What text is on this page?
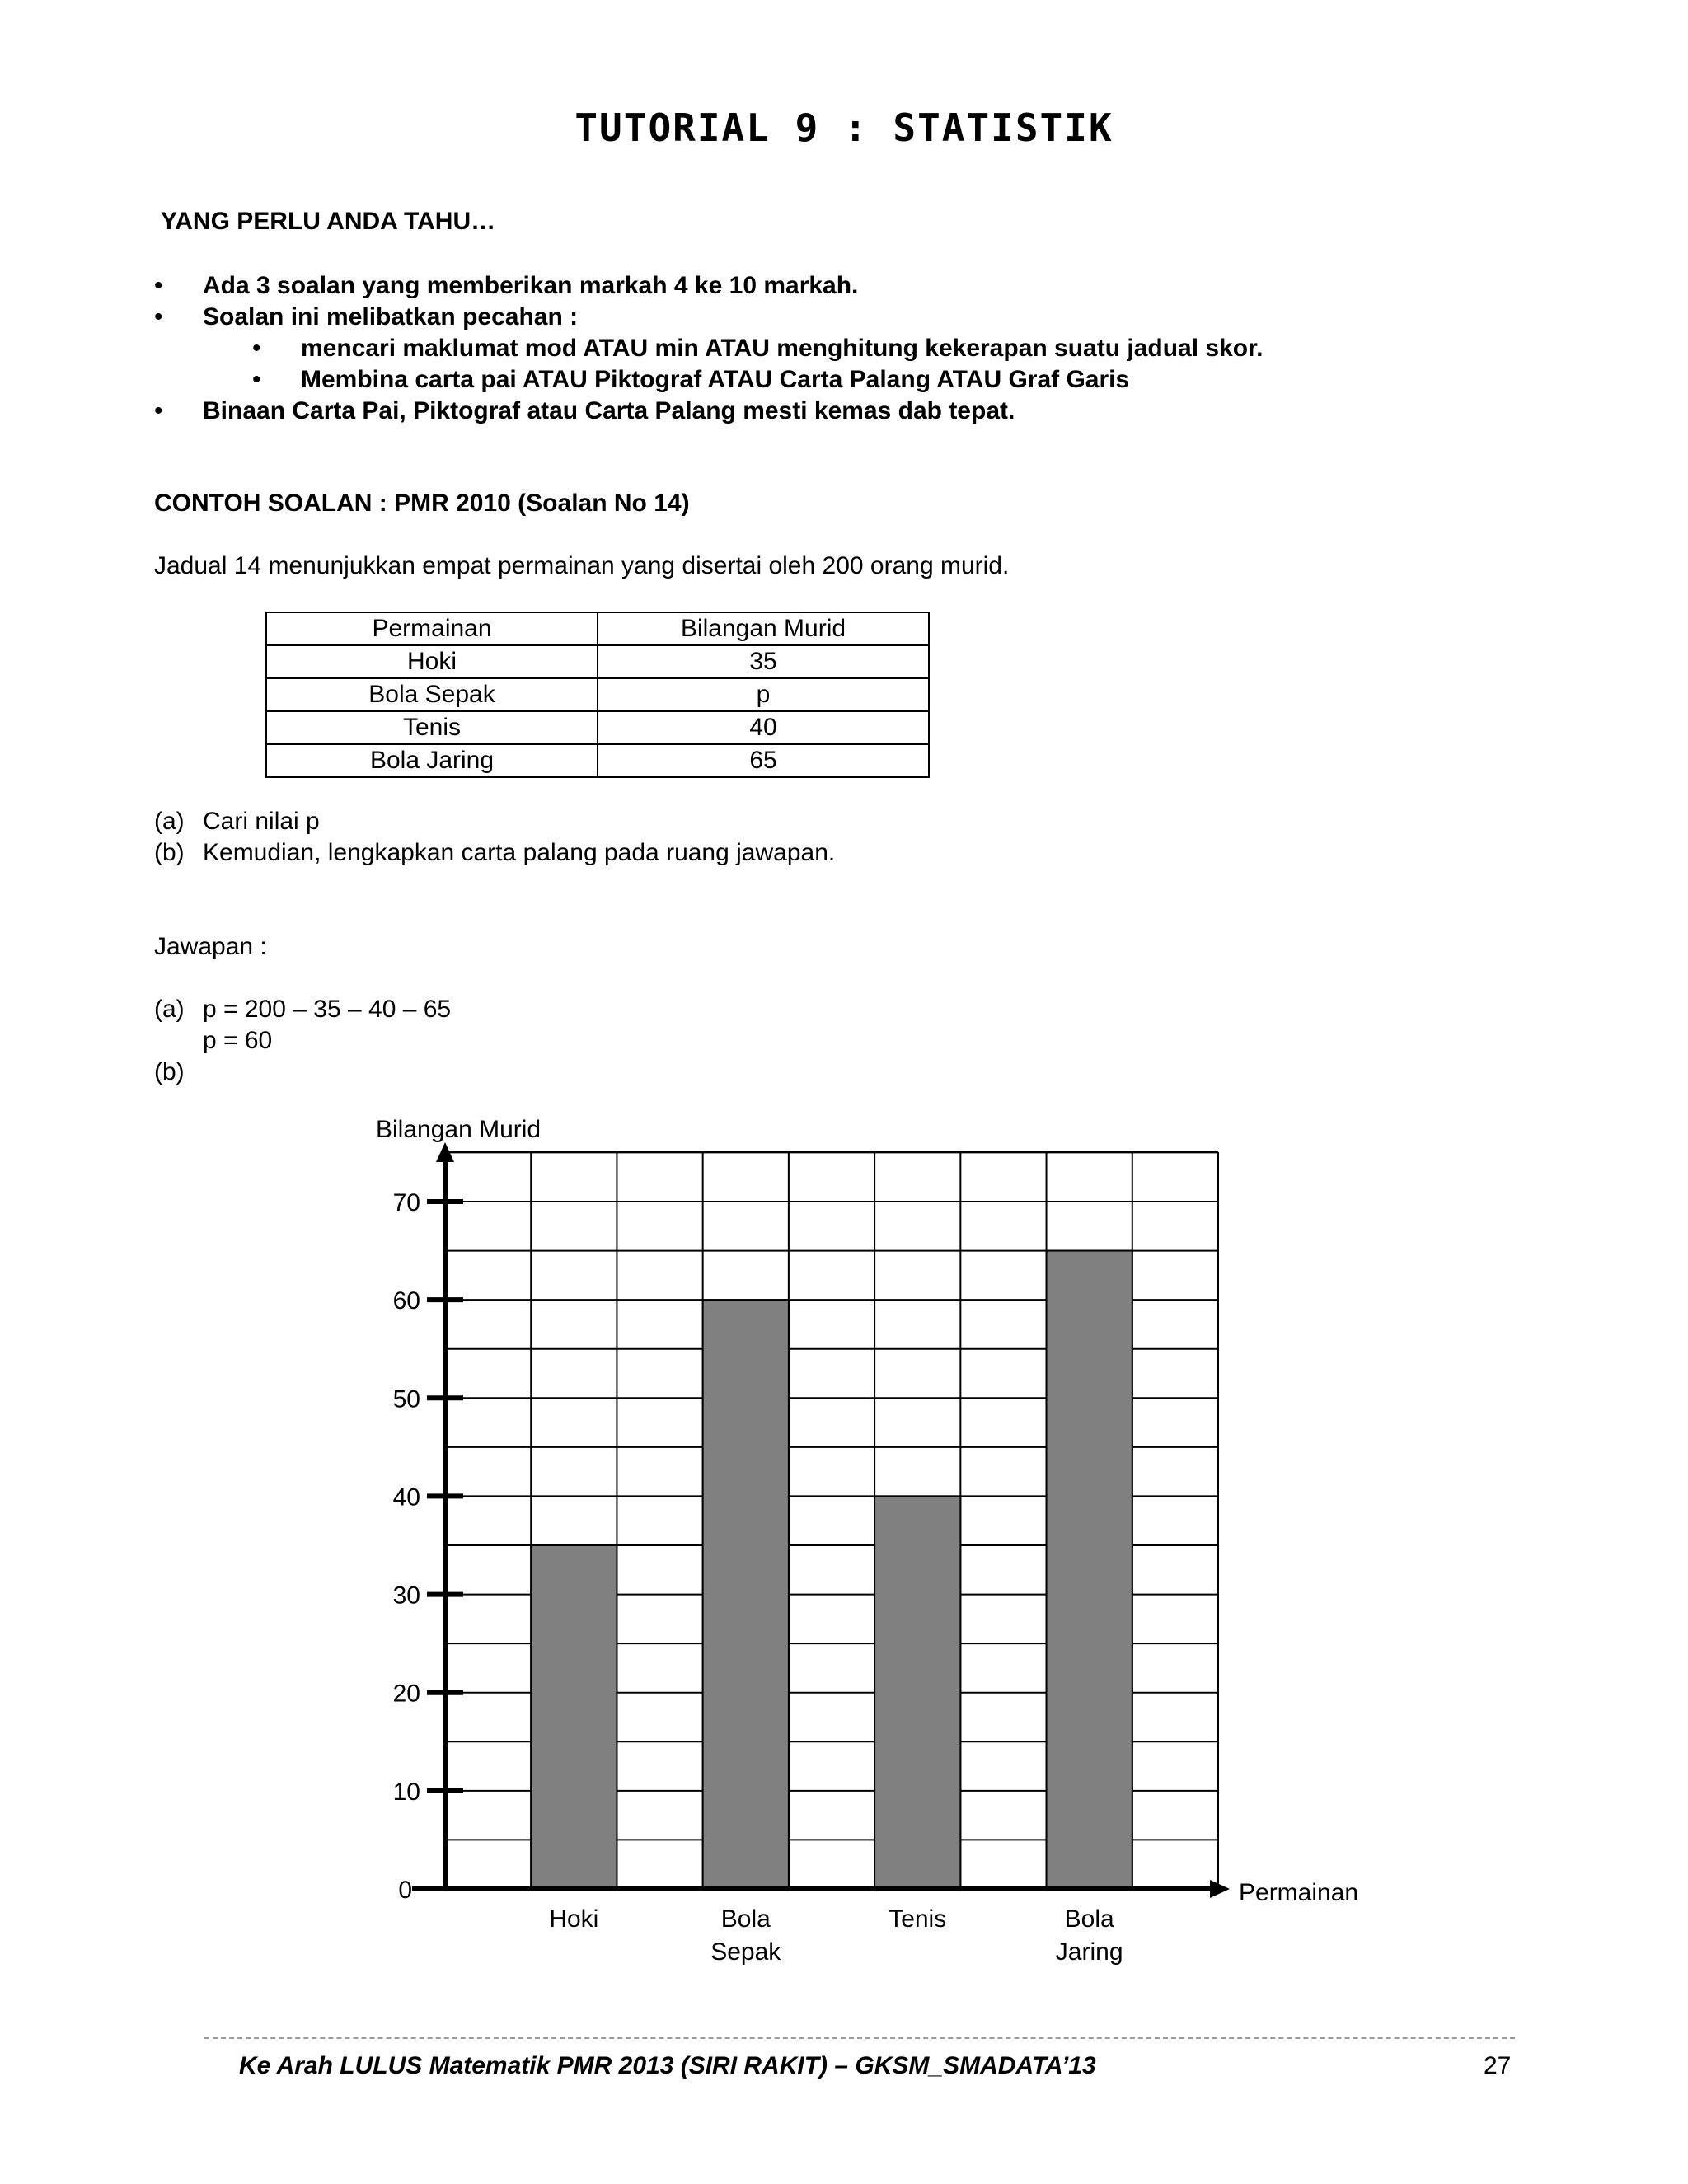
TUTORIAL 9 : STATISTIK
YANG PERLU ANDA TAHU…
• Ada 3 soalan yang memberikan markah 4 ke 10 markah.
• Soalan ini melibatkan pecahan :
• mencari maklumat mod ATAU min ATAU menghitung kekerapan suatu jadual skor.
• Membina carta pai ATAU Piktograf ATAU Carta Palang ATAU Graf Garis
• Binaan Carta Pai, Piktograf atau Carta Palang mesti kemas dab tepat.
CONTOH SOALAN : PMR 2010 (Soalan No 14)
Jadual 14 menunjukkan empat permainan yang disertai oleh 200 orang murid.
Permainan	Bilangan Murid
Hoki	35
Bola Sepak	p
Tenis	40
Bola Jaring	65
(a) Cari nilai p
(b) Kemudian, lengkapkan carta palang pada ruang jawapan.
Jawapan :
(a) p = 200 – 35 – 40 – 65
p = 60
(b)
0
10
20
30
40
50
60
70
Hoki	Bola Sepak
Tenis	Bola Jaring
Bilangan Murid
Permainan
Ke Arah LULUS Matematik PMR 2013 (SIRI RAKIT) – GKSM_SMADATA’13	27
